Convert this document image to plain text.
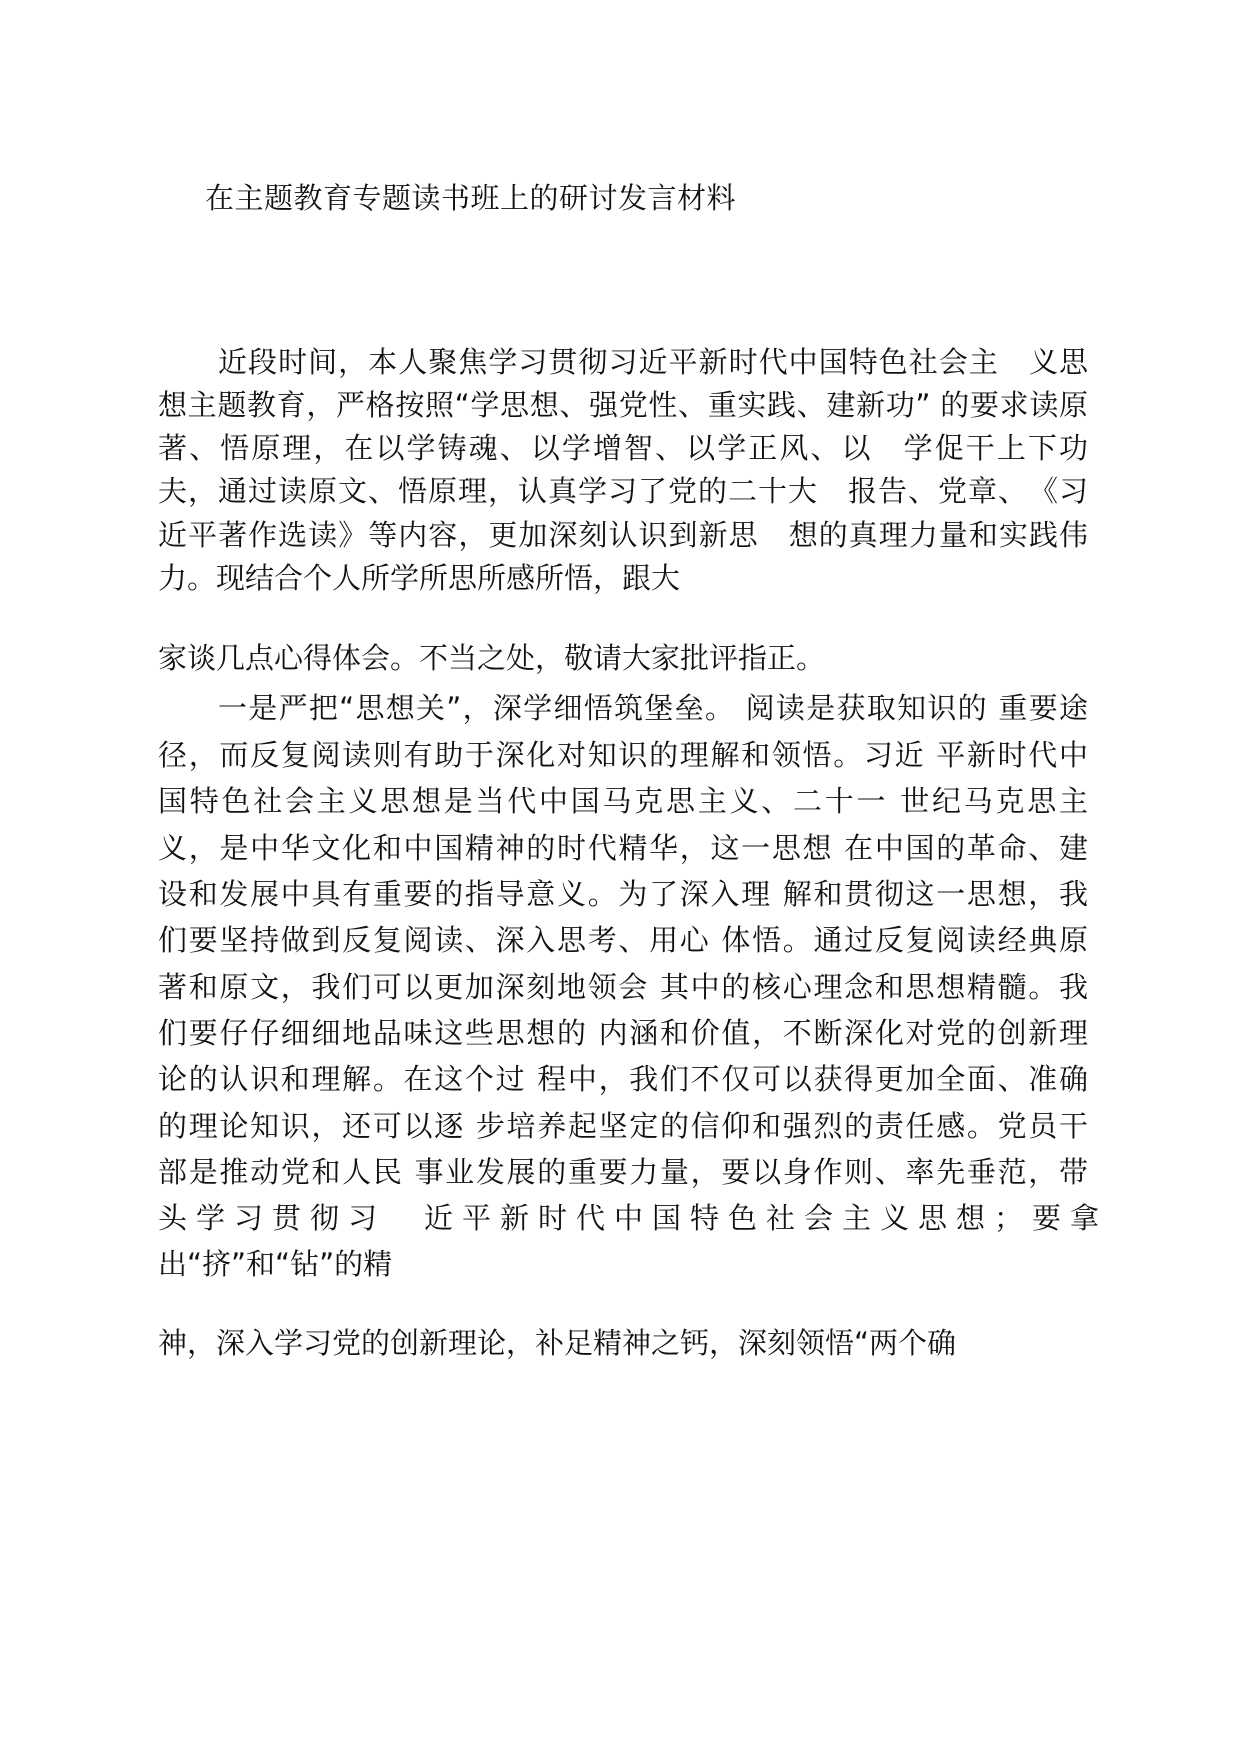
在主题教育专题读书班上的研讨发言材料
近段时间，本人聚焦学习贯彻习近平新时代中国特色社会主　义思
想主题教育，严格按照“学思想、强党性、重实践、建新功” 的要求读原
著、悟原理，在以学铸魂、以学增智、以学正风、以　学促干上下功
夫，通过读原文、悟原理，认真学习了党的二十大　报告、党章、　《习
近平著作选读》等内容，更加深刻认识到新思　想的真理力量和实践伟
力。现结合个人所学所思所感所悟，跟大
家谈几点心得体会。不当之处，敬请大家批评指正。
一是严把“思想关”，深学细悟筑堡垒。 阅读是获取知识的 重要途
径，而反复阅读则有助于深化对知识的理解和领悟。习近 平新时代中
国特色社会主义思想是当代中国马克思主义、二十一 世纪马克思主
义，是中华文化和中国精神的时代精华，这一思想 在中国的革命、建
设和发展中具有重要的指导意义。为了深入理 解和贯彻这一思想，我
们要坚持做到反复阅读、深入思考、用心 体悟。通过反复阅读经典原
著和原文，我们可以更加深刻地领会 其中的核心理念和思想精髓。我
们要仔仔细细地品味这些思想的 内涵和价值，不断深化对党的创新理
论的认识和理解。在这个过 程中，我们不仅可以获得更加全面、准确
的理论知识，还可以逐 步培养起坚定的信仰和强烈的责任感。党员干
部是推动党和人民 事业发展的重要力量，要以身作则、率先垂范，带
头学习贯彻习　近平新时代中国特色社会主义思想；要拿
出“挤”和“钻”的精
神，深入学习党的创新理论，补足精神之钙，深刻领悟“两个确
